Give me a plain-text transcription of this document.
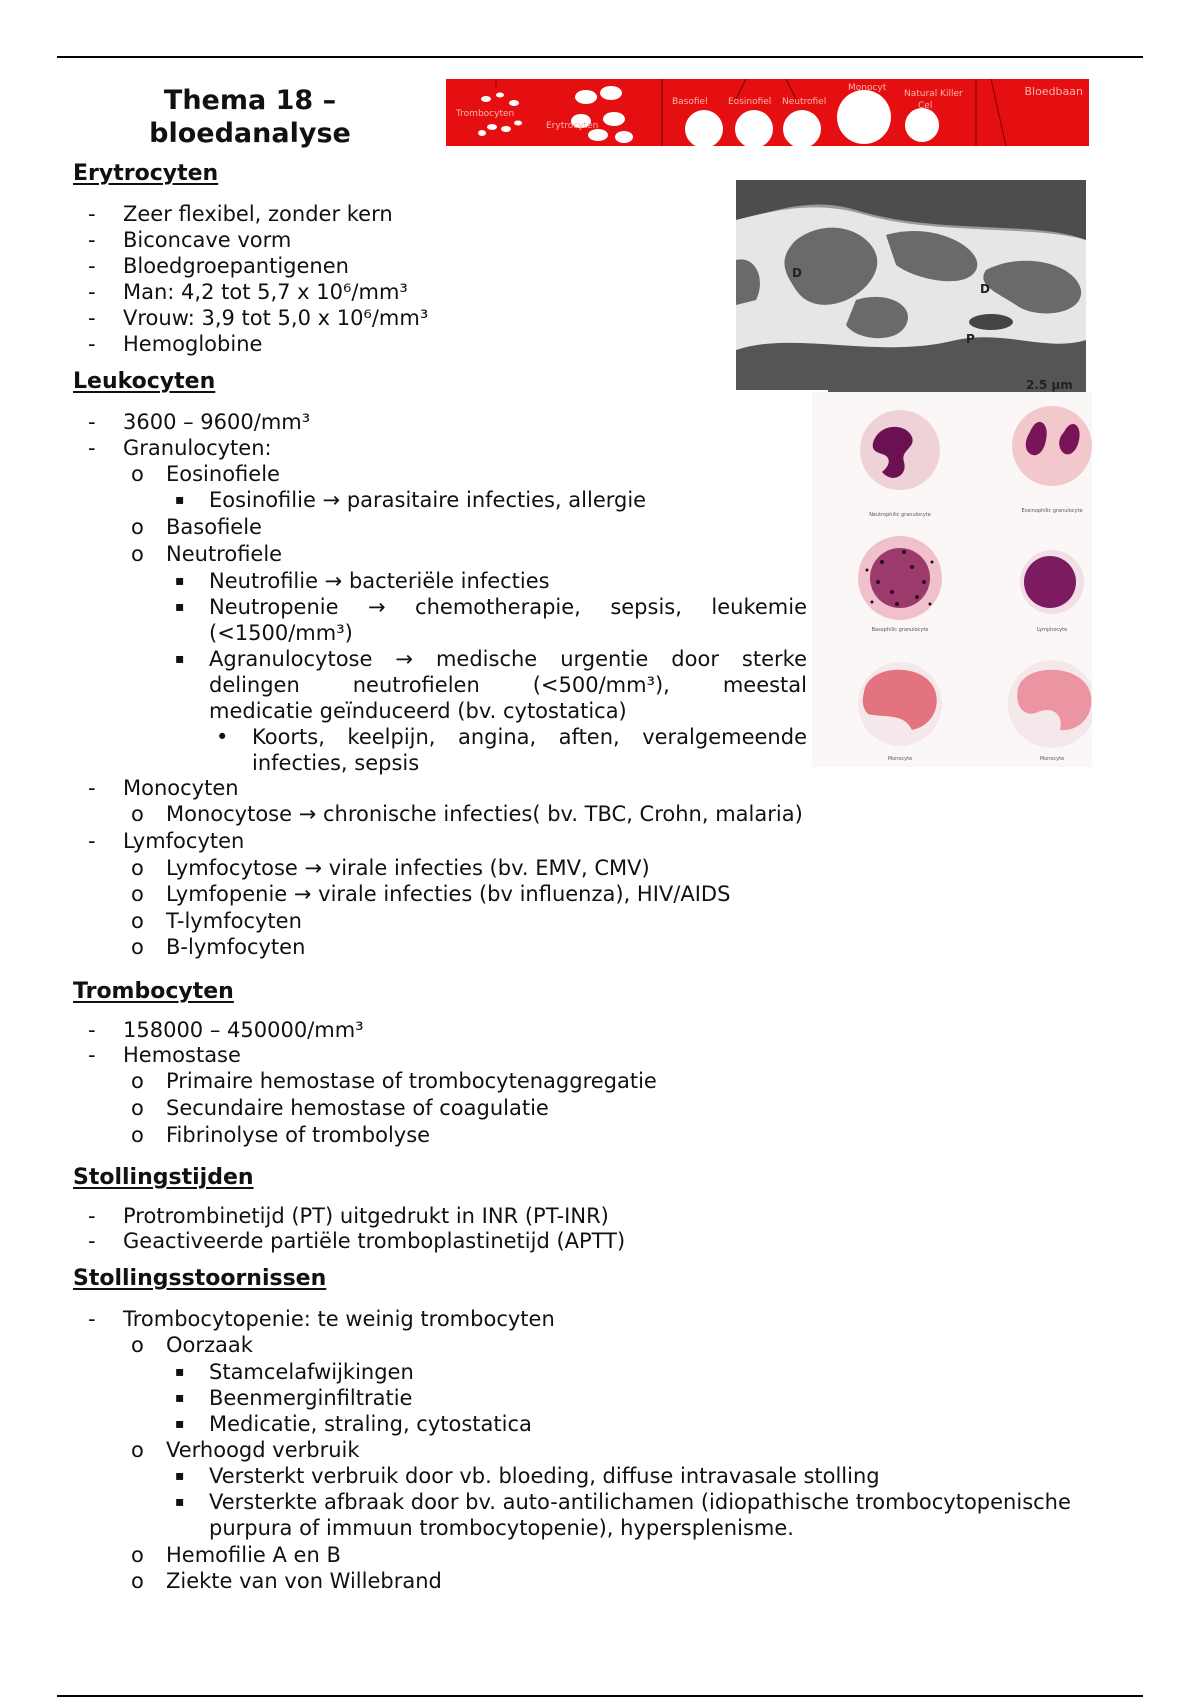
Thema 18 –
bloedanalyse
Trombocyten
Erytrocyten
Basofiel Eosinofiel Neutrofiel
Monocyt
Natural Killer
Cel
Bloedbaan
D
D
P
2.5 μm
Neutrophilic granulocyte
Eosinophilic granulocyte
Basophilic granulocyte	Lymphocyte
Monocyte	Monocyte
Erytrocyten
- Zeer flexibel, zonder kern
- Biconcave vorm
- Bloedgroepantigenen
- Man: 4,2 tot 5,7 x 10⁶/mm³
- Vrouw: 3,9 tot 5,0 x 10⁶/mm³
- Hemoglobine
Leukocyten
- 3600 – 9600/mm³
- Granulocyten:
o Eosinofiele
▪ Eosinofilie → parasitaire infecties, allergie
o Basofiele
o Neutrofiele
▪ Neutrofilie → bacteriële infecties
▪ Neutropenie → chemotherapie, sepsis, leukemie
(<1500/mm³)
▪ Agranulocytose → medische urgentie door sterke
delingen neutrofielen (<500/mm³), meestal
medicatie geïnduceerd (bv. cytostatica)
• Koorts, keelpijn, angina, aften, veralgemeende
infecties, sepsis
- Monocyten
o Monocytose → chronische infecties( bv. TBC, Crohn, malaria)
- Lymfocyten
o Lymfocytose → virale infecties (bv. EMV, CMV)
o Lymfopenie → virale infecties (bv influenza), HIV/AIDS
o T-lymfocyten
o B-lymfocyten
Trombocyten
- 158000 – 450000/mm³
- Hemostase
o Primaire hemostase of trombocytenaggregatie
o Secundaire hemostase of coagulatie
o Fibrinolyse of trombolyse
Stollingstijden
- Protrombinetijd (PT) uitgedrukt in INR (PT-INR)
- Geactiveerde partiële tromboplastinetijd (APTT)
Stollingsstoornissen
- Trombocytopenie: te weinig trombocyten
o Oorzaak
▪ Stamcelafwijkingen
▪ Beenmerginfiltratie
▪ Medicatie, straling, cytostatica
o Verhoogd verbruik
▪ Versterkt verbruik door vb. bloeding, diffuse intravasale stolling
▪ Versterkte afbraak door bv. auto-antilichamen (idiopathische trombocytopenische
purpura of immuun trombocytopenie), hypersplenisme.
o Hemofilie A en B
o Ziekte van von Willebrand
